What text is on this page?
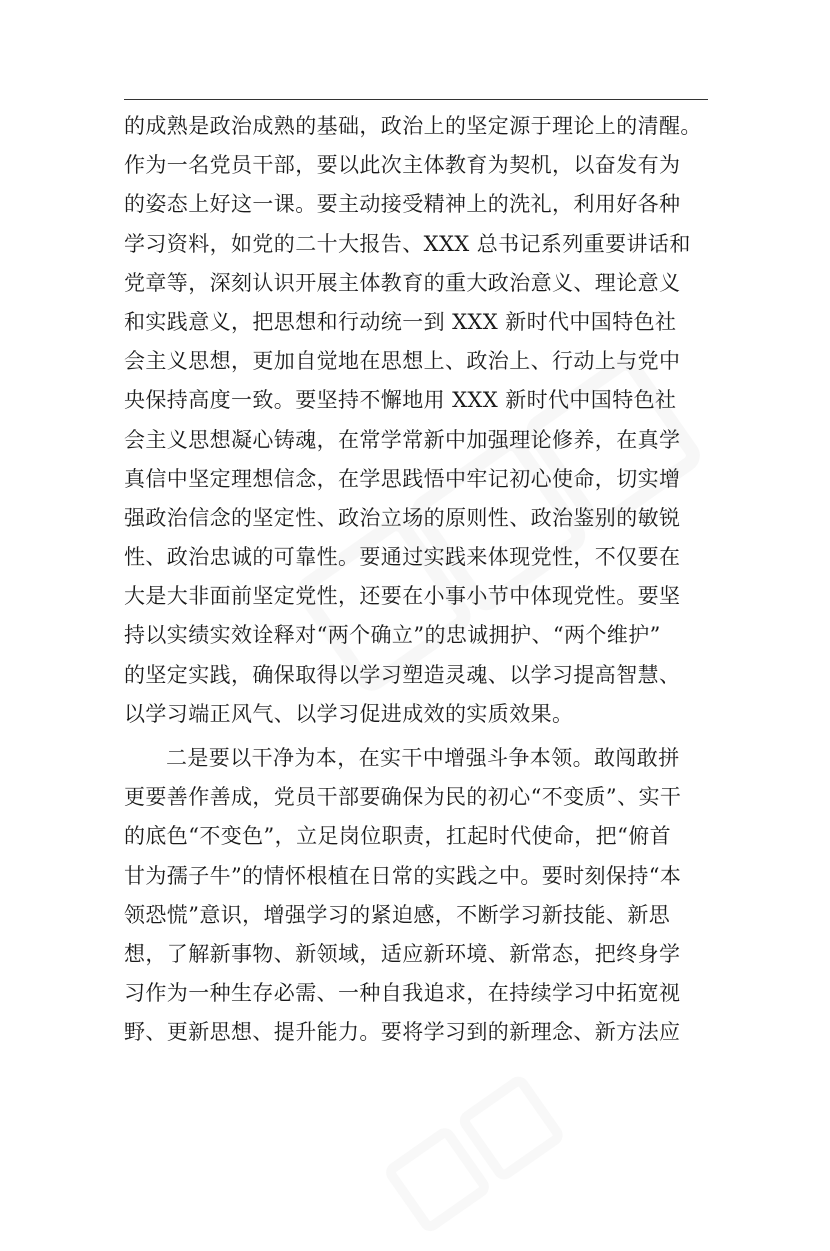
的成熟是政治成熟的基础，政治上的坚定源于理论上的清醒。
作为一名党员干部，要以此次主体教育为契机，以奋发有为
的姿态上好这一课。要主动接受精神上的洗礼，利用好各种
学习资料，如党的二十大报告、XXX 总书记系列重要讲话和
党章等，深刻认识开展主体教育的重大政治意义、理论意义
和实践意义，把思想和行动统一到 XXX 新时代中国特色社
会主义思想，更加自觉地在思想上、政治上、行动上与党中
央保持高度一致。要坚持不懈地用 XXX 新时代中国特色社
会主义思想凝心铸魂，在常学常新中加强理论修养，在真学
真信中坚定理想信念，在学思践悟中牢记初心使命，切实增
强政治信念的坚定性、政治立场的原则性、政治鉴别的敏锐
性、政治忠诚的可靠性。要通过实践来体现党性，不仅要在
大是大非面前坚定党性，还要在小事小节中体现党性。要坚
持以实绩实效诠释对“两个确立”的忠诚拥护、“两个维护”
的坚定实践，确保取得以学习塑造灵魂、以学习提高智慧、
以学习端正风气、以学习促进成效的实质效果。
二是要以干净为本，在实干中增强斗争本领。敢闯敢拼
更要善作善成，党员干部要确保为民的初心“不变质”、实干
的底色“不变色”，立足岗位职责，扛起时代使命，把“俯首
甘为孺子牛”的情怀根植在日常的实践之中。要时刻保持“本
领恐慌”意识，增强学习的紧迫感，不断学习新技能、新思
想，了解新事物、新领域，适应新环境、新常态，把终身学
习作为一种生存必需、一种自我追求，在持续学习中拓宽视
野、更新思想、提升能力。要将学习到的新理念、新方法应
